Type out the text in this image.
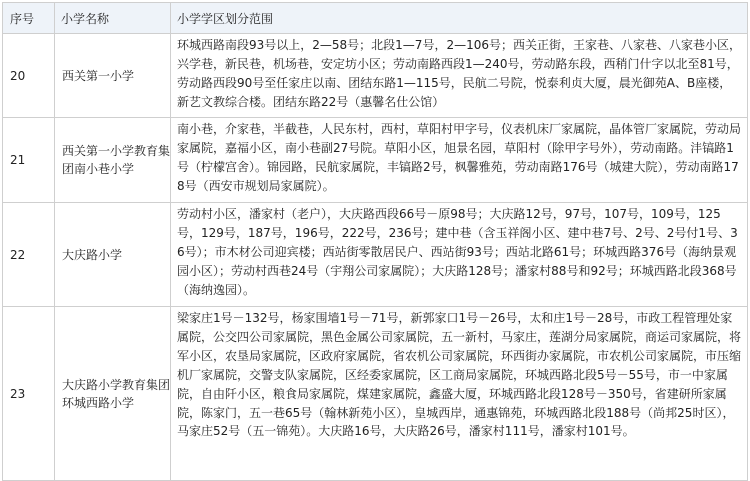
序号	小学名称	小学学区划分范围
20	西关第一小学	环城西路南段93号以上，2—58号；北段1—7号，2—106号；西关正街，王家巷、八家巷、八家巷小区，兴学巷，新民巷，机场巷，安定坊小区；劳动南路西段1—240号，劳动路东段，西稍门什字以北至81号，劳动路西段90号至任家庄以南、团结东路1—115号，民航二号院，悦泰利贞大厦，晨光御苑A、B座楼，新艺文教综合楼。团结东路22号（惠馨名仕公馆）
21	西关第一小学教育集团南小巷小学	南小巷，介家巷，半截巷，人民东村，西村，草阳村甲字号，仪表机床厂家属院，晶体管厂家属院，劳动局家属院，嘉福小区，南小巷副27号院。草阳小区，旭景名园，草阳村（除甲字号外），劳动南路。沣镐路1号（柠檬宫舍）。锦园路，民航家属院，丰镐路2号，枫馨雅苑，劳动南路176号（城建大院），劳动南路178号（西安市规划局家属院）。
22	大庆路小学	劳动村小区，潘家村（老户），大庆路西段66号－原98号；大庆路12号，97号，107号，109号，125号，129号，187号，196号，222号，236号；建中巷（含玉祥阁小区、建中巷7号、2号、2号付1号、36号）；市木材公司迎宾楼；西站街零散居民户、西站街93号；西站北路61号；环城西路376号（海纳景观园小区）；劳动村西巷24号（宇翔公司家属院）；大庆路128号；潘家村88号和92号；环城西路北段368号（海纳逸园）。
23	大庆路小学教育集团环城西路小学	梁家庄1号－132号，杨家围墙1号－71号，新郭家口1号－26号，太和庄1号－28号，市政工程管理处家属院，公交四公司家属院，黑色金属公司家属院，五一新村，马家庄，莲湖分局家属院，商运司家属院，将军小区，农垦局家属院，区政府家属院，省农机公司家属院，环西街办家属院，市农机公司家属院，市压缩机厂家属院，交警支队家属院，区经委家属院，区工商局家属院，环城西路北段5号－55号，市一中家属院，自由阡小区，粮食局家属院，煤建家属院，鑫盛大厦，环城西路北段128号－350号，省建研所家属院，陈家门，五一巷65号（翰林新苑小区），皇城西岸，通惠锦苑，环城西路北段188号（尚邦25时区），马家庄52号（五一锦苑）。大庆路16号，大庆路26号，潘家村111号，潘家村101号。
